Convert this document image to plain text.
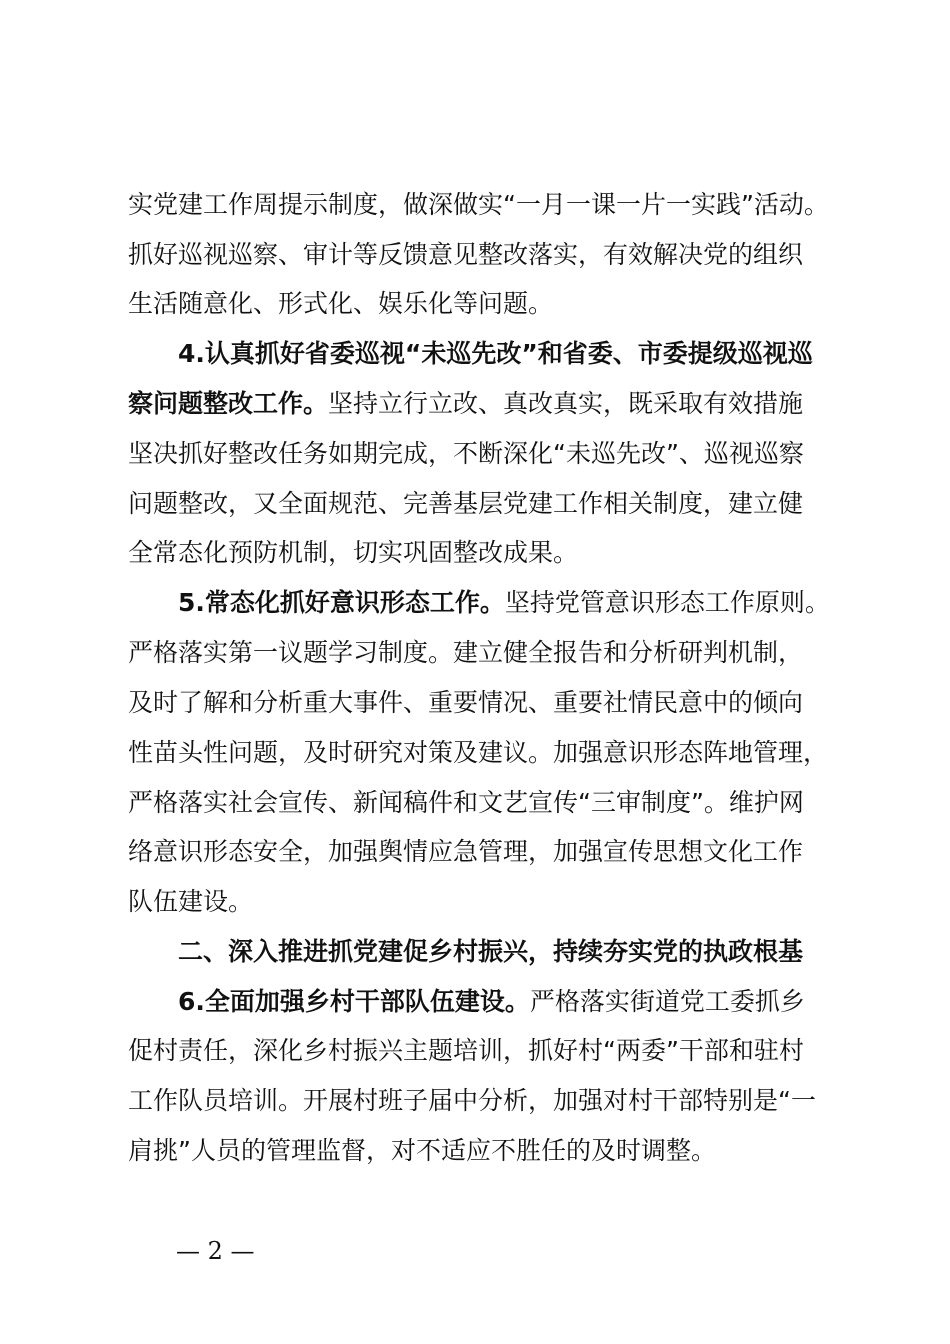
实党建工作周提示制度，做深做实“一月一课一片一实践”活动。
抓好巡视巡察、审计等反馈意见整改落实，有效解决党的组织
生活随意化、形式化、娱乐化等问题。
4.认真抓好省委巡视“未巡先改”和省委、市委提级巡视巡
察问题整改工作。坚持立行立改、真改真实，既采取有效措施
坚决抓好整改任务如期完成，不断深化“未巡先改”、巡视巡察
问题整改，又全面规范、完善基层党建工作相关制度，建立健
全常态化预防机制，切实巩固整改成果。
5.常态化抓好意识形态工作。坚持党管意识形态工作原则。
严格落实第一议题学习制度。建立健全报告和分析研判机制，
及时了解和分析重大事件、重要情况、重要社情民意中的倾向
性苗头性问题，及时研究对策及建议。加强意识形态阵地管理，
严格落实社会宣传、新闻稿件和文艺宣传“三审制度”。维护网
络意识形态安全，加强舆情应急管理，加强宣传思想文化工作
队伍建设。
二、深入推进抓党建促乡村振兴，持续夯实党的执政根基
6.全面加强乡村干部队伍建设。严格落实街道党工委抓乡
促村责任，深化乡村振兴主题培训，抓好村“两委”干部和驻村
工作队员培训。开展村班子届中分析，加强对村干部特别是“一
肩挑”人员的管理监督，对不适应不胜任的及时调整。
— 2 —
